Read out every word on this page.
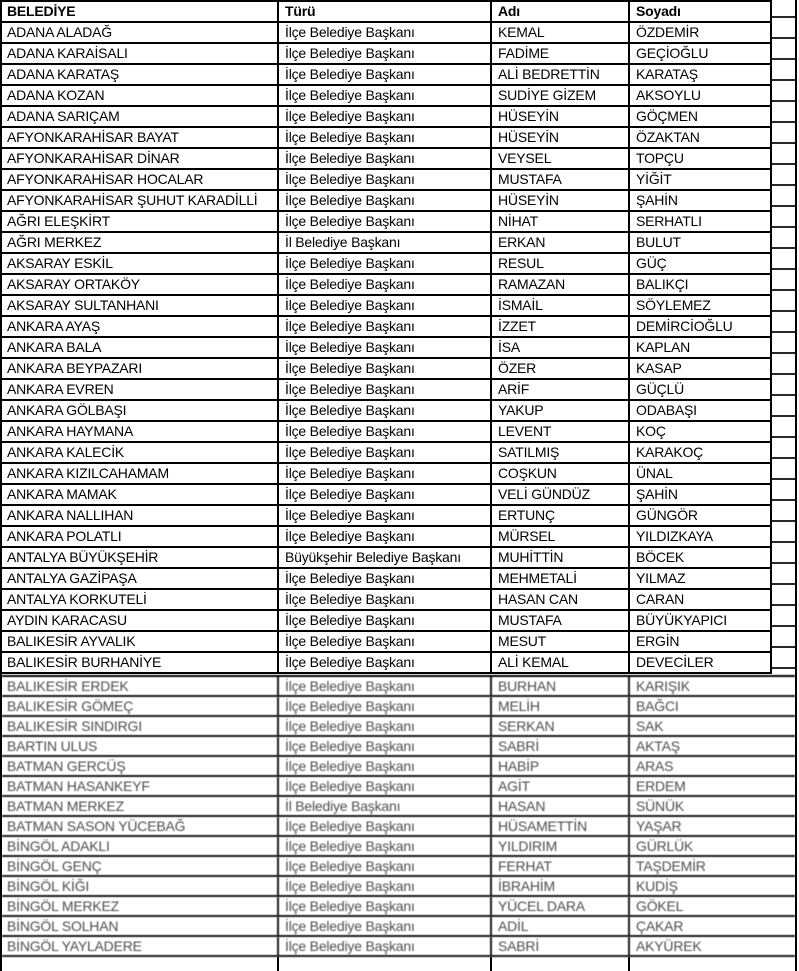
BELEDİYE	Türü	Adı	Soyadı
ADANA ALADAĞ	İlçe Belediye Başkanı	KEMAL	ÖZDEMİR
ADANA KARAİSALI	İlçe Belediye Başkanı	FADİME	GEÇİOĞLU
ADANA KARATAŞ	İlçe Belediye Başkanı	ALİ BEDRETTİN	KARATAŞ
ADANA KOZAN	İlçe Belediye Başkanı	SUDİYE GİZEM	AKSOYLU
ADANA SARIÇAM	İlçe Belediye Başkanı	HÜSEYİN	GÖÇMEN
AFYONKARAHİSAR BAYAT	İlçe Belediye Başkanı	HÜSEYİN	ÖZAKTAN
AFYONKARAHİSAR DİNAR	İlçe Belediye Başkanı	VEYSEL	TOPÇU
AFYONKARAHİSAR HOCALAR	İlçe Belediye Başkanı	MUSTAFA	YİĞİT
AFYONKARAHİSAR ŞUHUT KARADİLLİ	İlçe Belediye Başkanı	HÜSEYİN	ŞAHİN
AĞRI ELEŞKİRT	İlçe Belediye Başkanı	NİHAT	SERHATLI
AĞRI MERKEZ	İl Belediye Başkanı	ERKAN	BULUT
AKSARAY ESKİL	İlçe Belediye Başkanı	RESUL	GÜÇ
AKSARAY ORTAKÖY	İlçe Belediye Başkanı	RAMAZAN	BALIKÇI
AKSARAY SULTANHANI	İlçe Belediye Başkanı	İSMAİL	SÖYLEMEZ
ANKARA AYAŞ	İlçe Belediye Başkanı	İZZET	DEMİRCİOĞLU
ANKARA BALA	İlçe Belediye Başkanı	İSA	KAPLAN
ANKARA BEYPAZARI	İlçe Belediye Başkanı	ÖZER	KASAP
ANKARA EVREN	İlçe Belediye Başkanı	ARİF	GÜÇLÜ
ANKARA GÖLBAŞI	İlçe Belediye Başkanı	YAKUP	ODABAŞI
ANKARA HAYMANA	İlçe Belediye Başkanı	LEVENT	KOÇ
ANKARA KALECİK	İlçe Belediye Başkanı	SATILMIŞ	KARAKOÇ
ANKARA KIZILCAHAMAM	İlçe Belediye Başkanı	COŞKUN	ÜNAL
ANKARA MAMAK	İlçe Belediye Başkanı	VELİ GÜNDÜZ	ŞAHİN
ANKARA NALLIHAN	İlçe Belediye Başkanı	ERTUNÇ	GÜNGÖR
ANKARA POLATLI	İlçe Belediye Başkanı	MÜRSEL	YILDIZKAYA
ANTALYA BÜYÜKŞEHİR	Büyükşehir Belediye Başkanı	MUHİTTİN	BÖCEK
ANTALYA GAZİPAŞA	İlçe Belediye Başkanı	MEHMETALİ	YILMAZ
ANTALYA KORKUTELİ	İlçe Belediye Başkanı	HASAN CAN	CARAN
AYDIN KARACASU	İlçe Belediye Başkanı	MUSTAFA	BÜYÜKYAPICI
BALIKESİR AYVALIK	İlçe Belediye Başkanı	MESUT	ERGİN
BALIKESİR BURHANİYE	İlçe Belediye Başkanı	ALİ KEMAL	DEVECİLER
BALIKESİR ERDEK	İlçe Belediye Başkanı	BURHAN	KARIŞIK
BALIKESİR GÖMEÇ	İlçe Belediye Başkanı	MELİH	BAĞCI
BALIKESİR SINDIRGI	İlçe Belediye Başkanı	SERKAN	SAK
BARTIN ULUS	İlçe Belediye Başkanı	SABRİ	AKTAŞ
BATMAN GERCÜŞ	İlçe Belediye Başkanı	HABİP	ARAS
BATMAN HASANKEYF	İlçe Belediye Başkanı	AGİT	ERDEM
BATMAN MERKEZ	İl Belediye Başkanı	HASAN	SÜNÜK
BATMAN SASON YÜCEBAĞ	İlçe Belediye Başkanı	HÜSAMETTİN	YAŞAR
BİNGÖL ADAKLI	İlçe Belediye Başkanı	YILDIRIM	GÜRLÜK
BİNGÖL GENÇ	İlçe Belediye Başkanı	FERHAT	TAŞDEMİR
BİNGÖL KİĞI	İlçe Belediye Başkanı	İBRAHİM	KUDİŞ
BİNGÖL MERKEZ	İlçe Belediye Başkanı	YÜCEL DARA	GÖKEL
BİNGÖL SOLHAN	İlçe Belediye Başkanı	ADİL	ÇAKAR
BİNGÖL YAYLADERE	İlçe Belediye Başkanı	SABRİ	AKYÜREK
